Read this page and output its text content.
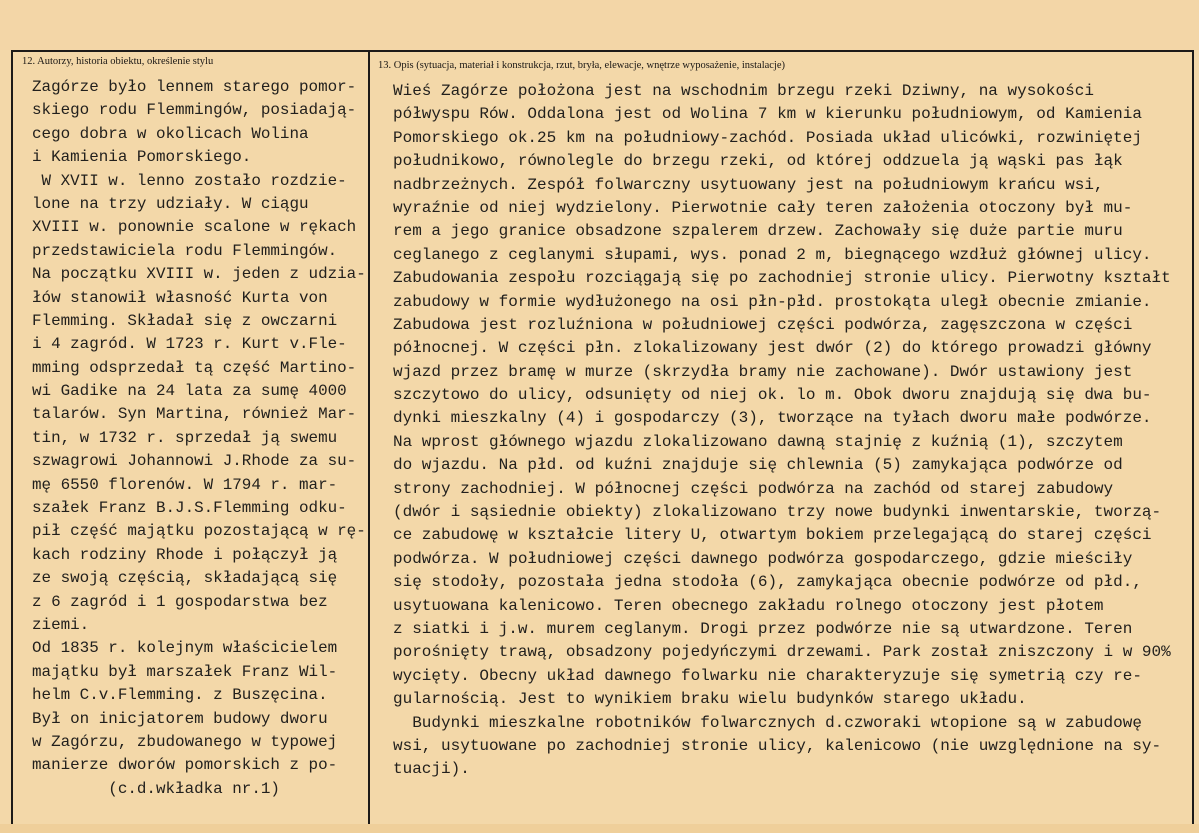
12. Autorzy, historia obiektu, określenie stylu	13. Opis (sytuacja, materiał i konstrukcja, rzut, bryła, elewacje, wnętrze wyposażenie, instalacje)
Zagórze było lennem starego pomor-
skiego rodu Flemmingów, posiadają-
cego dobra w okolicach Wolina
i Kamienia Pomorskiego.
W XVII w. lenno zostało rozdzie-
lone na trzy udziały. W ciągu
XVIII w. ponownie scalone w rękach
przedstawiciela rodu Flemmingów.
Na początku XVIII w. jeden z udzia-
łów stanowił własność Kurta von
Flemming. Składał się z owczarni
i 4 zagród. W 1723 r. Kurt v.Fle-
mming odsprzedał tą część Martino-
wi Gadike na 24 lata za sumę 4000
talarów. Syn Martina, również Mar-
tin, w 1732 r. sprzedał ją swemu
szwagrowi Johannowi J.Rhode za su-
mę 6550 florenów. W 1794 r. mar-
szałek Franz B.J.S.Flemming odku-
pił część majątku pozostającą w rę-
kach rodziny Rhode i połączył ją
ze swoją częścią, składającą się
z 6 zagród i 1 gospodarstwa bez
ziemi.
Od 1835 r. kolejnym właścicielem
majątku był marszałek Franz Wil-
helm C.v.Flemming. z Buszęcina.
Był on inicjatorem budowy dworu
w Zagórzu, zbudowanego w typowej
manierze dworów pomorskich z po-
(c.d.wkładka nr.1)
Wieś Zagórze położona jest na wschodnim brzegu rzeki Dziwny, na wysokości
półwyspu Rów. Oddalona jest od Wolina 7 km w kierunku południowym, od Kamienia
Pomorskiego ok.25 km na południowy-zachód. Posiada układ ulicówki, rozwiniętej
południkowo, równolegle do brzegu rzeki, od której oddzuela ją wąski pas łąk
nadbrzeżnych. Zespół folwarczny usytuowany jest na południowym krańcu wsi,
wyraźnie od niej wydzielony. Pierwotnie cały teren założenia otoczony był mu-
rem a jego granice obsadzone szpalerem drzew. Zachowały się duże partie muru
ceglanego z ceglanymi słupami, wys. ponad 2 m, biegnącego wzdłuż głównej ulicy.
Zabudowania zespołu rozciągają się po zachodniej stronie ulicy. Pierwotny kształt
zabudowy w formie wydłużonego na osi płn-płd. prostokąta uległ obecnie zmianie.
Zabudowa jest rozluźniona w południowej części podwórza, zagęszczona w części
północnej. W części płn. zlokalizowany jest dwór (2) do którego prowadzi główny
wjazd przez bramę w murze (skrzydła bramy nie zachowane). Dwór ustawiony jest
szczytowo do ulicy, odsunięty od niej ok. lo m. Obok dworu znajdują się dwa bu-
dynki mieszkalny (4) i gospodarczy (3), tworzące na tyłach dworu małe podwórze.
Na wprost głównego wjazdu zlokalizowano dawną stajnię z kuźnią (1), szczytem
do wjazdu. Na płd. od kuźni znajduje się chlewnia (5) zamykająca podwórze od
strony zachodniej. W północnej części podwórza na zachód od starej zabudowy
(dwór i sąsiednie obiekty) zlokalizowano trzy nowe budynki inwentarskie, tworzą-
ce zabudowę w kształcie litery U, otwartym bokiem przelegającą do starej części
podwórza. W południowej części dawnego podwórza gospodarczego, gdzie mieściły
się stodoły, pozostała jedna stodoła (6), zamykająca obecnie podwórze od płd.,
usytuowana kalenicowo. Teren obecnego zakładu rolnego otoczony jest płotem
z siatki i j.w. murem ceglanym. Drogi przez podwórze nie są utwardzone. Teren
porośnięty trawą, obsadzony pojedyńczymi drzewami. Park został zniszczony i w 90%
wycięty. Obecny układ dawnego folwarku nie charakteryzuje się symetrią czy re-
gularnością. Jest to wynikiem braku wielu budynków starego układu.
Budynki mieszkalne robotników folwarcznych d.czworaki wtopione są w zabudowę
wsi, usytuowane po zachodniej stronie ulicy, kalenicowo (nie uwzględnione na sy-
tuacji).
